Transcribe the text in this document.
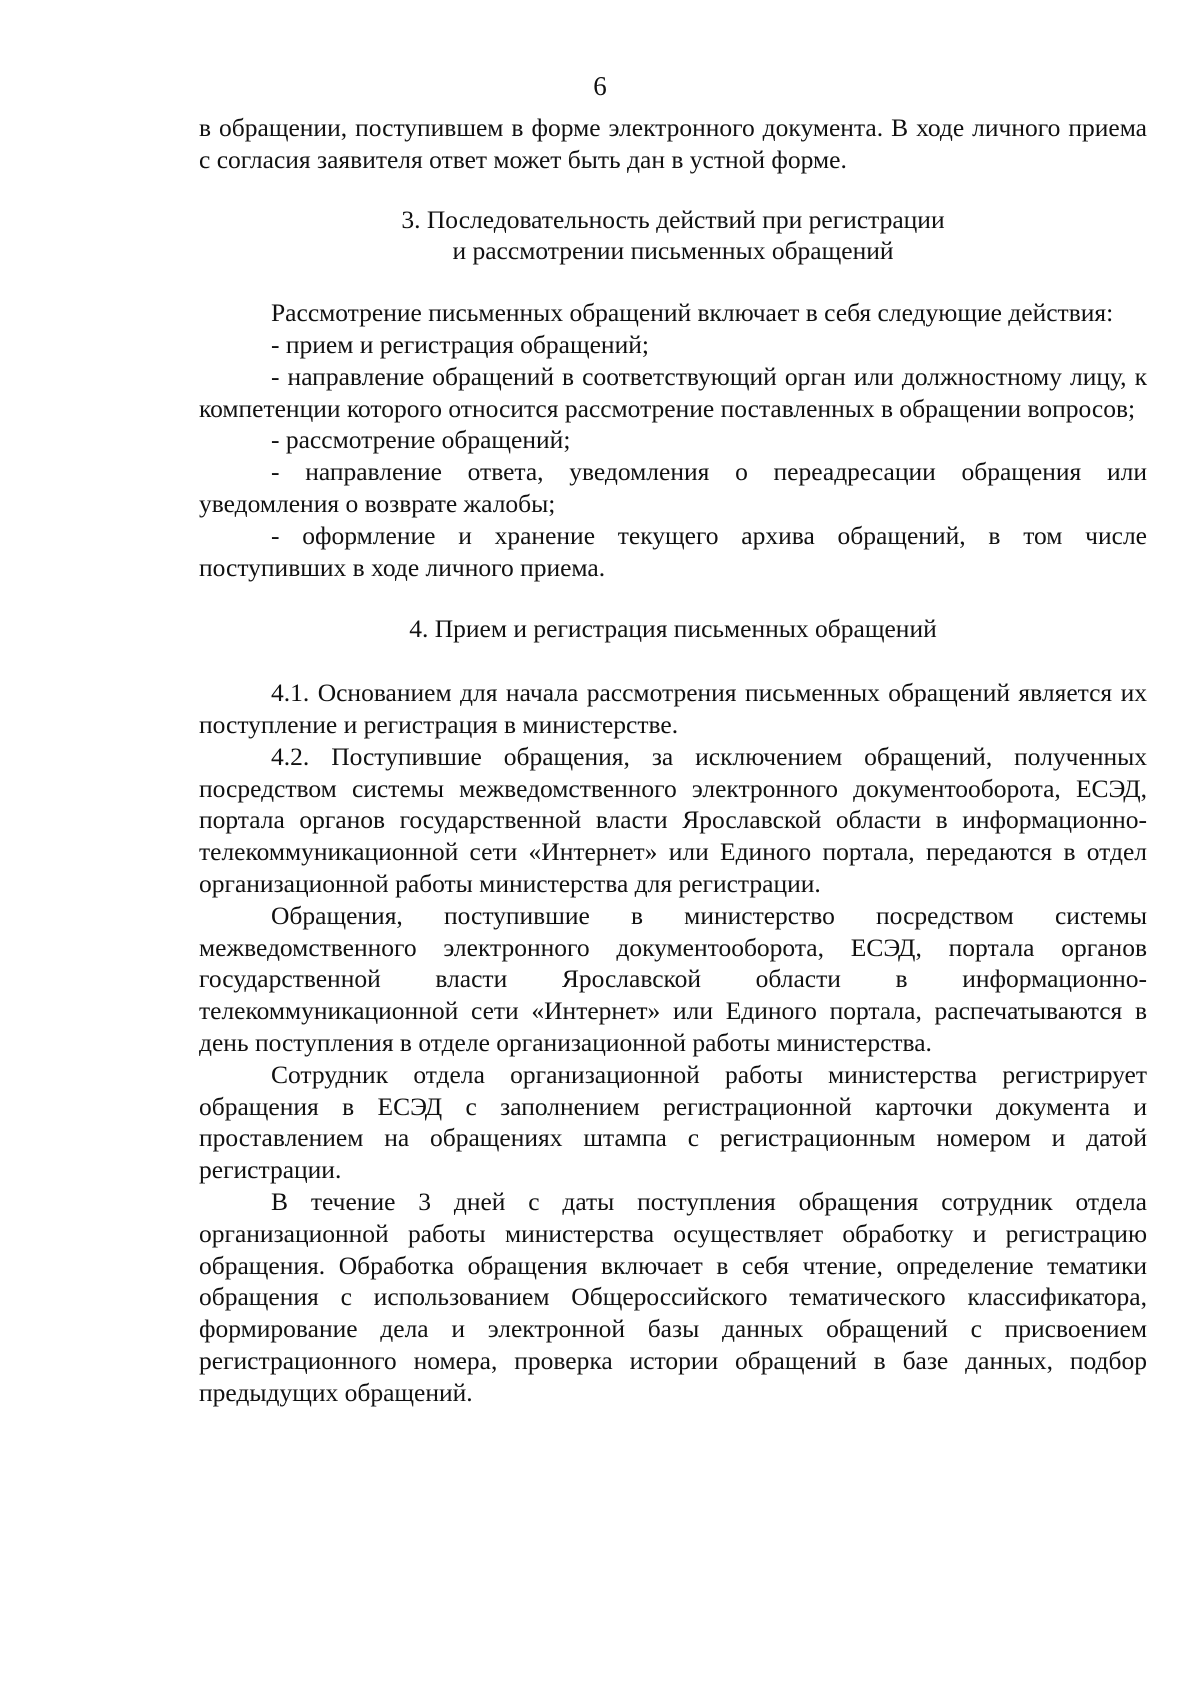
6

в обращении, поступившем в форме электронного документа. В ходе личного приема с согласия заявителя ответ может быть дан в устной форме.

3. Последовательность действий при регистрации
и рассмотрении письменных обращений

Рассмотрение письменных обращений включает в себя следующие действия:

- прием и регистрация обращений;

- направление обращений в соответствующий орган или должностному лицу, к компетенции которого относится рассмотрение поставленных в обращении вопросов;

- рассмотрение обращений;

- направление ответа, уведомления о переадресации обращения или уведомления о возврате жалобы;

- оформление и хранение текущего архива обращений, в том числе поступивших в ходе личного приема.

4. Прием и регистрация письменных обращений

4.1. Основанием для начала рассмотрения письменных обращений является их поступление и регистрация в министерстве.

4.2. Поступившие обращения, за исключением обращений, полученных посредством системы межведомственного электронного документооборота, ЕСЭД, портала органов государственной власти Ярославской области в информационно-телекоммуникационной сети «Интернет» или Единого портала, передаются в отдел организационной работы министерства для регистрации.

Обращения, поступившие в министерство посредством системы межведомственного электронного документооборота, ЕСЭД, портала органов государственной власти Ярославской области в информационно-телекоммуникационной сети «Интернет» или Единого портала, распечатываются в день поступления в отделе организационной работы министерства.

Сотрудник отдела организационной работы министерства регистрирует обращения в ЕСЭД с заполнением регистрационной карточки документа и проставлением на обращениях штампа с регистрационным номером и датой регистрации.

В течение 3 дней с даты поступления обращения сотрудник отдела организационной работы министерства осуществляет обработку и регистрацию обращения. Обработка обращения включает в себя чтение, определение тематики обращения с использованием Общероссийского тематического классификатора, формирование дела и электронной базы данных обращений с присвоением регистрационного номера, проверка истории обращений в базе данных, подбор предыдущих обращений.
